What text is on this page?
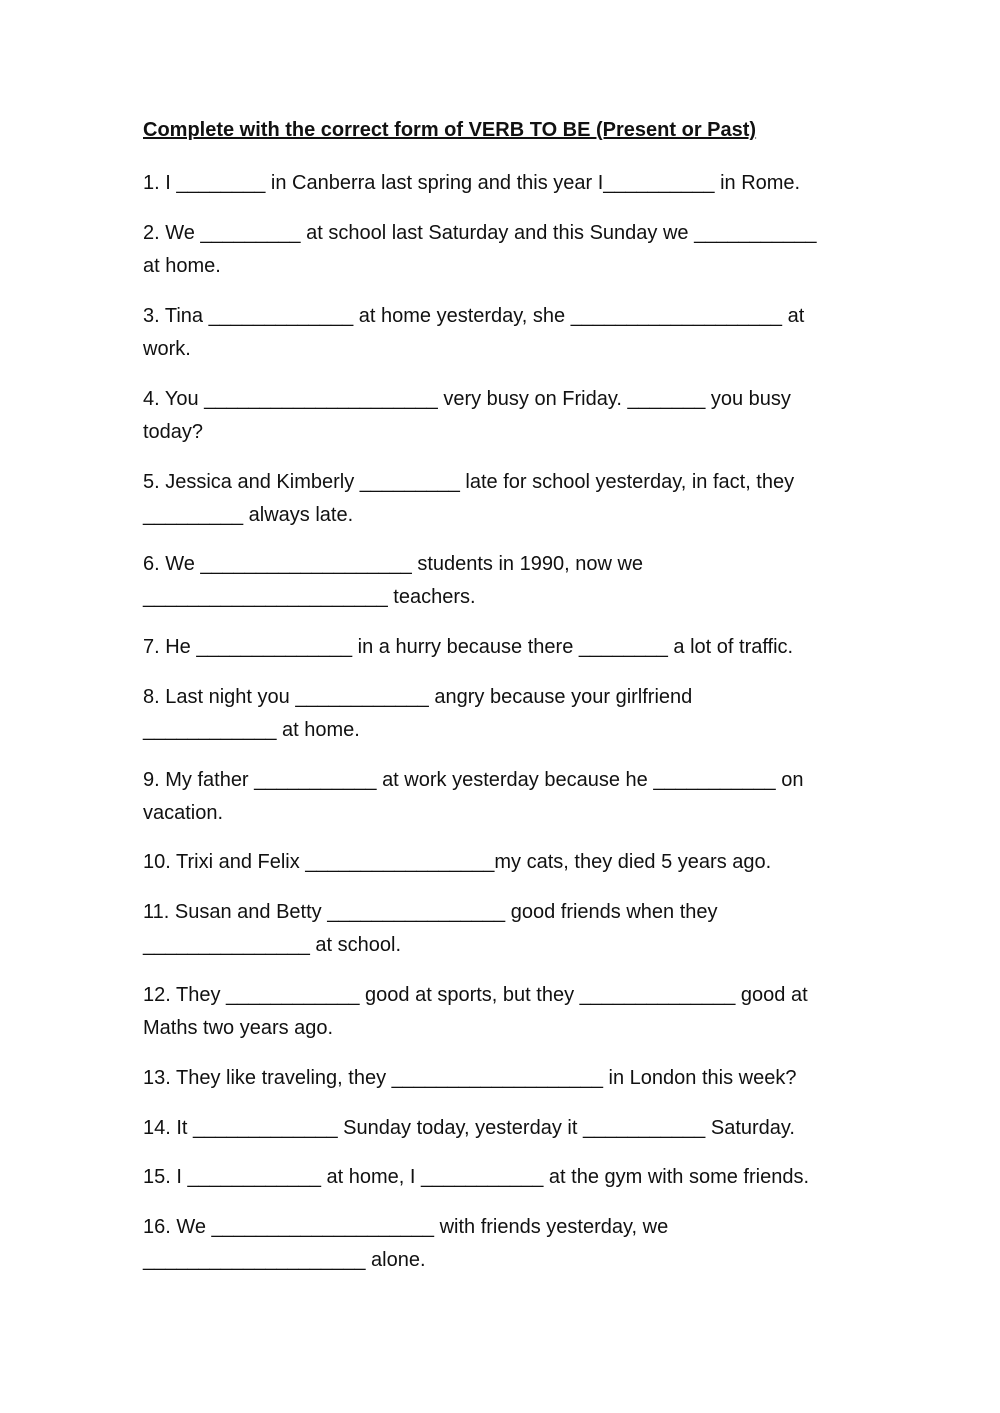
Complete with the correct form of VERB TO BE (Present or Past)
1. I ________ in Canberra last spring and this year I__________ in Rome.
2. We _________ at school last Saturday and this Sunday we ___________
at home.
3. Tina _____________ at home yesterday, she ___________________ at
work.
4. You _____________________ very busy on Friday. _______ you busy
today?
5. Jessica and Kimberly _________ late for school yesterday, in fact, they
_________ always late.
6. We ___________________ students in 1990, now we
______________________ teachers.
7. He ______________ in a hurry because there ________ a lot of traffic.
8. Last night you ____________ angry because your girlfriend
____________ at home.
9. My father ___________ at work yesterday because he ___________ on
vacation.
10. Trixi and Felix _________________my cats, they died 5 years ago.
11. Susan and Betty ________________ good friends when they
_______________ at school.
12. They ____________ good at sports, but they ______________ good at
Maths two years ago.
13. They like traveling, they ___________________ in London this week?
14. It _____________ Sunday today, yesterday it ___________ Saturday.
15. I ____________ at home, I ___________ at the gym with some friends.
16. We ____________________ with friends yesterday, we
____________________ alone.
